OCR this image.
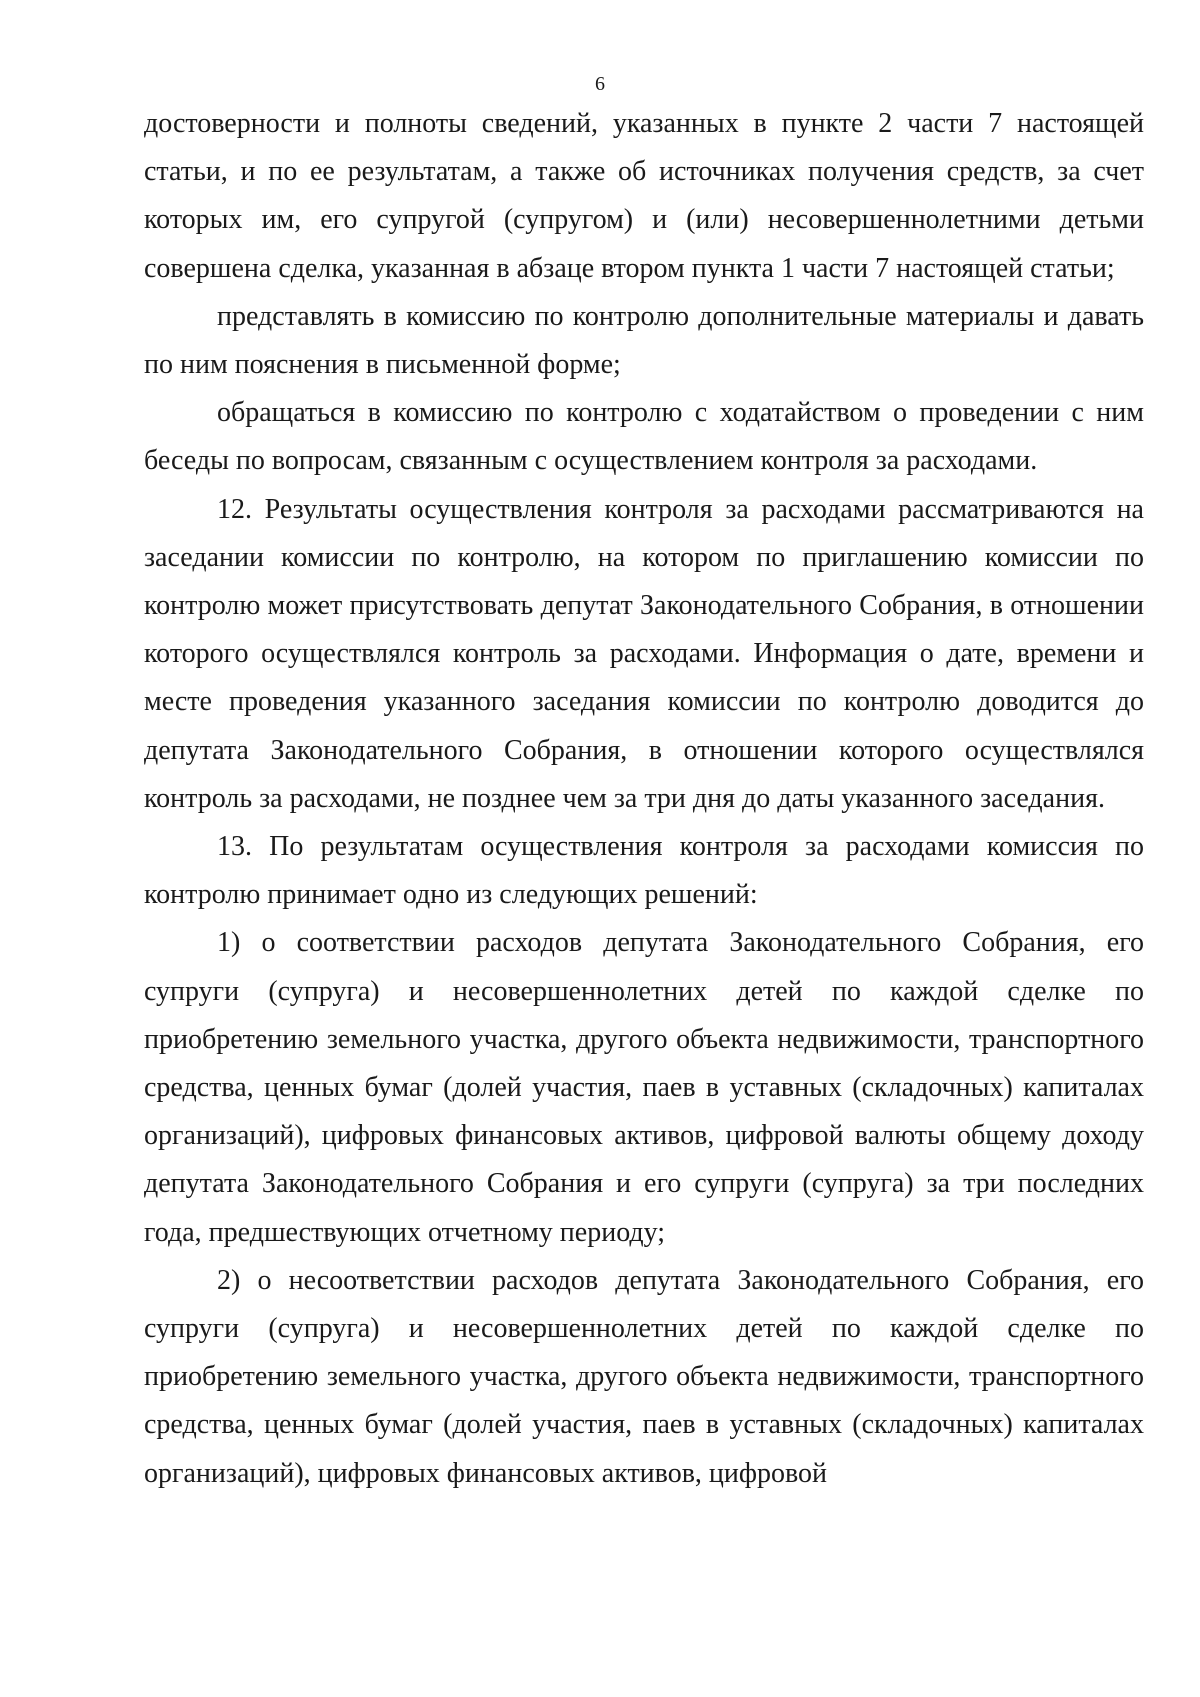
6

достоверности и полноты сведений, указанных в пункте 2 части 7 настоящей статьи, и по ее результатам, а также об источниках получения средств, за счет которых им, его супругой (супругом) и (или) несовершеннолетними детьми совершена сделка, указанная в абзаце втором пункта 1 части 7 настоящей статьи;

представлять в комиссию по контролю дополнительные материалы и давать по ним пояснения в письменной форме;

обращаться в комиссию по контролю с ходатайством о проведении с ним беседы по вопросам, связанным с осуществлением контроля за расходами.

12. Результаты осуществления контроля за расходами рассматриваются на заседании комиссии по контролю, на котором по приглашению комиссии по контролю может присутствовать депутат Законодательного Собрания, в отношении которого осуществлялся контроль за расходами. Информация о дате, времени и месте проведения указанного заседания комиссии по контролю доводится до депутата Законодательного Собрания, в отношении которого осуществлялся контроль за расходами, не позднее чем за три дня до даты указанного заседания.

13. По результатам осуществления контроля за расходами комиссия по контролю принимает одно из следующих решений:

1) о соответствии расходов депутата Законодательного Собрания, его супруги (супруга) и несовершеннолетних детей по каждой сделке по приобретению земельного участка, другого объекта недвижимости, транспортного средства, ценных бумаг (долей участия, паев в уставных (складочных) капиталах организаций), цифровых финансовых активов, цифровой валюты общему доходу депутата Законодательного Собрания и его супруги (супруга) за три последних года, предшествующих отчетному периоду;

2) о несоответствии расходов депутата Законодательного Собрания, его супруги (супруга) и несовершеннолетних детей по каждой сделке по приобретению земельного участка, другого объекта недвижимости, транспортного средства, ценных бумаг (долей участия, паев в уставных (складочных) капиталах организаций), цифровых финансовых активов, цифровой
